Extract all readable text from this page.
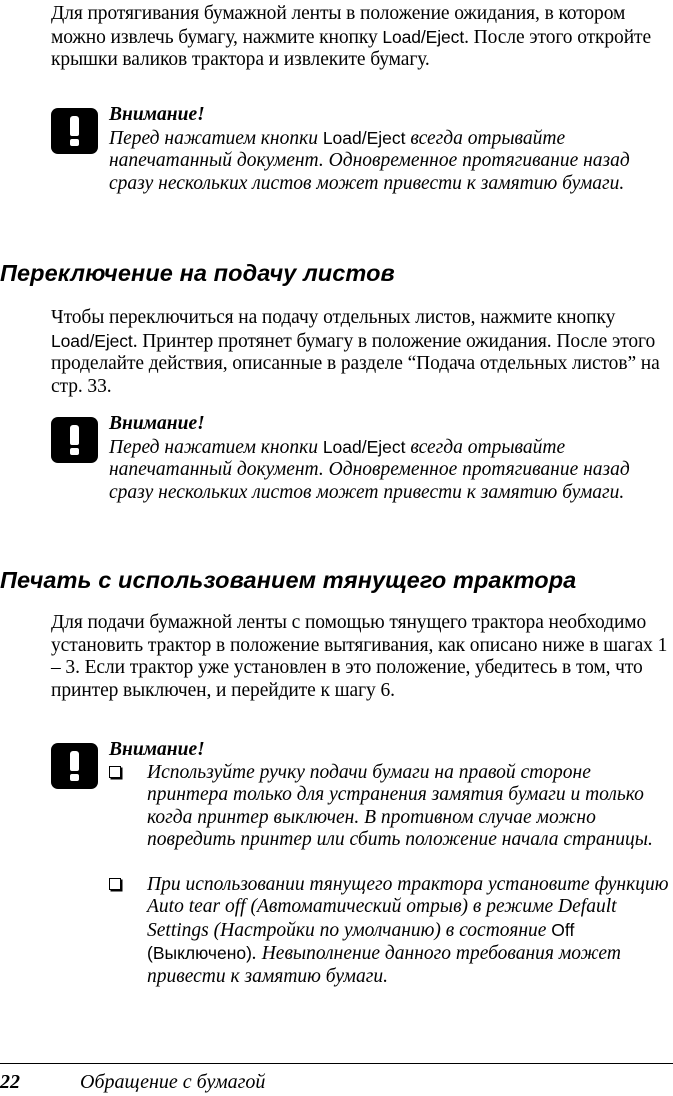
Для протягивания бумажной ленты в положение ожидания, в котором можно извлечь бумагу, нажмите кнопку Load/Eject. После этого откройте крышки валиков трактора и извлеките бумагу.
Внимание!
Перед нажатием кнопки Load/Eject всегда отрывайте напечатанный документ. Одновременное протягивание назад сразу нескольких листов может привести к замятию бумаги.
Переключение на подачу листов
Чтобы переключиться на подачу отдельных листов, нажмите кнопку Load/Eject. Принтер протянет бумагу в положение ожидания. После этого проделайте действия, описанные в разделе “Подача отдельных листов” на стр. 33.
Внимание!
Перед нажатием кнопки Load/Eject всегда отрывайте напечатанный документ. Одновременное протягивание назад сразу нескольких листов может привести к замятию бумаги.
Печать с использованием тянущего трактора
Для подачи бумажной ленты с помощью тянущего трактора необходимо установить трактор в положение вытягивания, как описано ниже в шагах 1 – 3. Если трактор уже установлен в это положение, убедитесь в том, что принтер выключен, и перейдите к шагу 6.
Внимание!
Используйте ручку подачи бумаги на правой стороне принтера только для устранения замятия бумаги и только когда принтер выключен. В противном случае можно повредить принтер или сбить положение начала страницы.
При использовании тянущего трактора установите функцию Auto tear off (Автоматический отрыв) в режиме Default Settings (Настройки по умолчанию) в состояние Off (Выключено). Невыполнение данного требования может привести к замятию бумаги.
22	Обращение с бумагой
